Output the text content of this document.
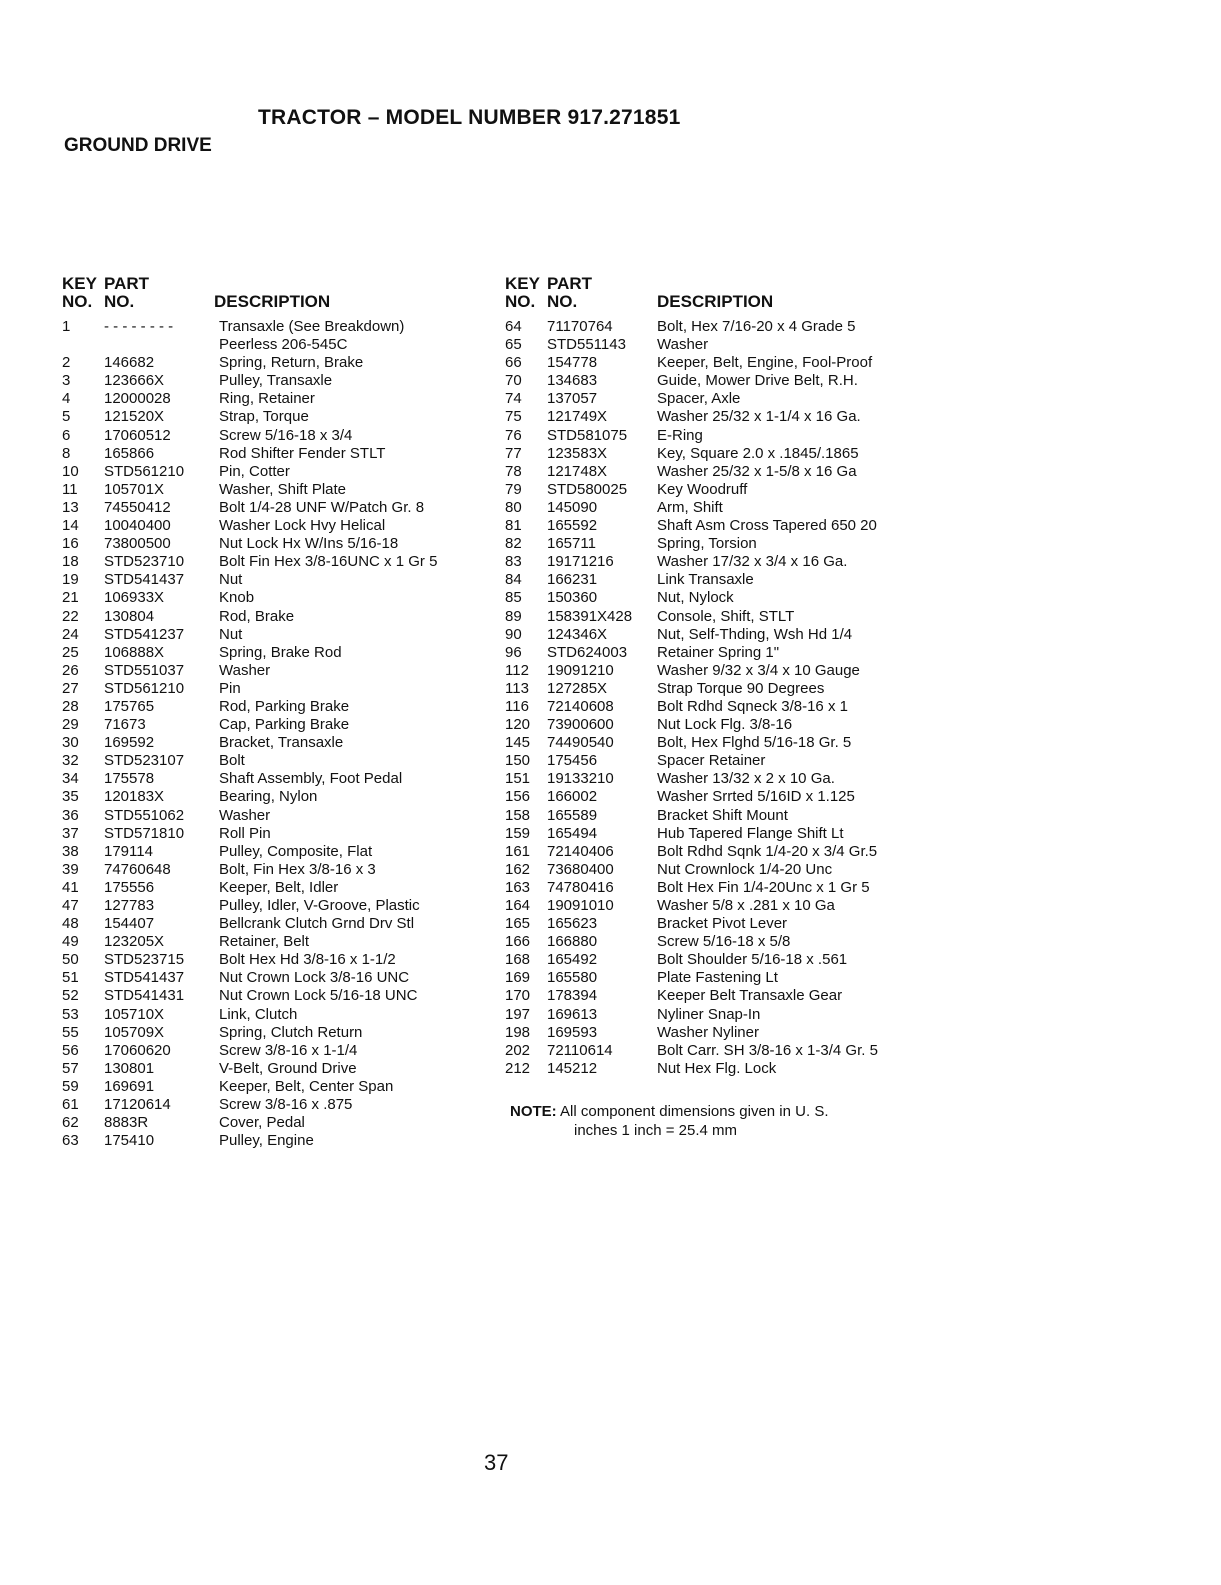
TRACTOR – MODEL NUMBER 917.271851
GROUND DRIVE
KEY PART
NO. NO.	DESCRIPTION
1 - - - - - - - -	Transaxle (See Breakdown)
Peerless 206-545C
2 146682	Spring, Return, Brake
3 123666X	Pulley, Transaxle
4 12000028	Ring, Retainer
5 121520X	Strap, Torque
6 17060512	Screw 5/16-18 x 3/4
8 165866	Rod Shifter Fender STLT
10 STD561210 Pin, Cotter
11 105701X	Washer, Shift Plate
13 74550412	Bolt 1/4-28 UNF W/Patch Gr. 8
14 10040400	Washer Lock Hvy Helical
16 73800500	Nut Lock Hx W/Ins 5/16-18
18 STD523710 Bolt Fin Hex 3/8-16UNC x 1 Gr 5
19 STD541437 Nut
21 106933X	Knob
22 130804	Rod, Brake
24 STD541237 Nut
25 106888X	Spring, Brake Rod
26 STD551037 Washer
27 STD561210 Pin
28 175765	Rod, Parking Brake
29 71673	Cap, Parking Brake
30 169592	Bracket, Transaxle
32 STD523107 Bolt
34 175578	Shaft Assembly, Foot Pedal
35 120183X	Bearing, Nylon
36 STD551062 Washer
37 STD571810 Roll Pin
38 179114	Pulley, Composite, Flat
39 74760648	Bolt, Fin Hex 3/8-16 x 3
41 175556	Keeper, Belt, Idler
47 127783	Pulley, Idler, V-Groove, Plastic
48 154407	Bellcrank Clutch Grnd Drv Stl
49 123205X	Retainer, Belt
50 STD523715 Bolt Hex Hd 3/8-16 x 1-1/2
51 STD541437 Nut Crown Lock 3/8-16 UNC
52 STD541431 Nut Crown Lock 5/16-18 UNC
53 105710X	Link, Clutch
55 105709X	Spring, Clutch Return
56 17060620	Screw 3/8-16 x 1-1/4
57 130801	V-Belt, Ground Drive
59 169691	Keeper, Belt, Center Span
61 17120614	Screw 3/8-16 x .875
62 8883R	Cover, Pedal
63 175410	Pulley, Engine
KEY PART
NO. NO.	DESCRIPTION
64 71170764	Bolt, Hex 7/16-20 x 4 Grade 5
65 STD551143 Washer
66 154778	Keeper, Belt, Engine, Fool-Proof
70 134683	Guide, Mower Drive Belt, R.H.
74 137057	Spacer, Axle
75 121749X	Washer 25/32 x 1-1/4 x 16 Ga.
76 STD581075 E-Ring
77 123583X	Key, Square 2.0 x .1845/.1865
78 121748X	Washer 25/32 x 1-5/8 x 16 Ga
79 STD580025 Key Woodruff
80 145090	Arm, Shift
81 165592	Shaft Asm Cross Tapered 650 20
82 165711	Spring, Torsion
83 19171216	Washer 17/32 x 3/4 x 16 Ga.
84 166231	Link Transaxle
85 150360	Nut, Nylock
89 158391X428 Console, Shift, STLT
90 124346X	Nut, Self-Thding, Wsh Hd 1/4
96 STD624003 Retainer Spring 1"
112 19091210	Washer 9/32 x 3/4 x 10 Gauge
113 127285X	Strap Torque 90 Degrees
116 72140608	Bolt Rdhd Sqneck 3/8-16 x 1
120 73900600	Nut Lock Flg. 3/8-16
145 74490540	Bolt, Hex Flghd 5/16-18 Gr. 5
150 175456	Spacer Retainer
151 19133210	Washer 13/32 x 2 x 10 Ga.
156 166002	Washer Srrted 5/16ID x 1.125
158 165589	Bracket Shift Mount
159 165494	Hub Tapered Flange Shift Lt
161 72140406	Bolt Rdhd Sqnk 1/4-20 x 3/4 Gr.5
162 73680400	Nut Crownlock 1/4-20 Unc
163 74780416	Bolt Hex Fin 1/4-20Unc x 1 Gr 5
164 19091010	Washer 5/8 x .281 x 10 Ga
165 165623	Bracket Pivot Lever
166 166880	Screw 5/16-18 x 5/8
168 165492	Bolt Shoulder 5/16-18 x .561
169 165580	Plate Fastening Lt
170 178394	Keeper Belt Transaxle Gear
197 169613	Nyliner Snap-In
198 169593	Washer Nyliner
202 72110614	Bolt Carr. SH 3/8-16 x 1-3/4 Gr. 5
212 145212	Nut Hex Flg. Lock
NOTE: All component dimensions given in U. S.
inches 1 inch = 25.4 mm
37
